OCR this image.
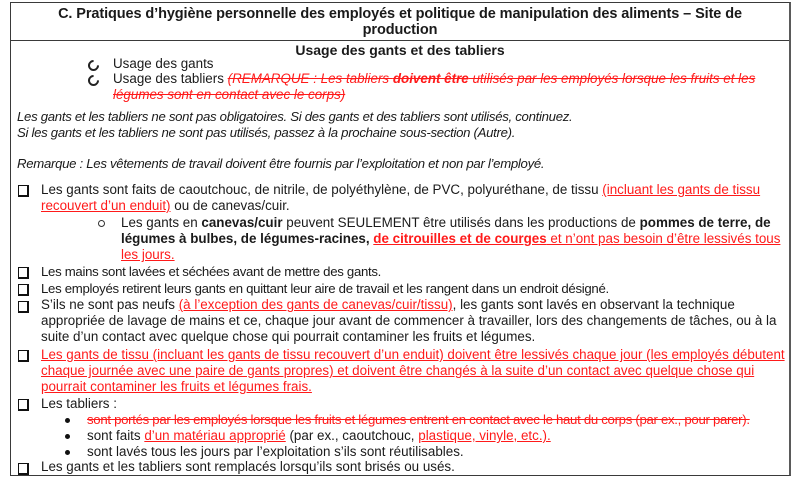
C. Pratiques d’hygiène personnelle des employés et politique de manipulation des aliments – Site de
production
Usage des gants et des tabliers
Usage des gants
Usage des tabliers (REMARQUE : Les tabliers doivent être utilisés par les employés lorsque les fruits et les
légumes sont en contact avec le corps)
Les gants et les tabliers ne sont pas obligatoires. Si des gants et des tabliers sont utilisés, continuez.
Si les gants et les tabliers ne sont pas utilisés, passez à la prochaine sous-section (Autre).
Remarque : Les vêtements de travail doivent être fournis par l’exploitation et non par l’employé.
Les gants sont faits de caoutchouc, de nitrile, de polyéthylène, de PVC, polyuréthane, de tissu (incluant les gants de tissu
recouvert d’un enduit) ou de canevas/cuir.
Les gants en canevas/cuir peuvent SEULEMENT être utilisés dans les productions de pommes de terre, de
légumes à bulbes, de légumes-racines, de citrouilles et de courges et n’ont pas besoin d’être lessivés tous
les jours.
Les mains sont lavées et séchées avant de mettre des gants.
Les employés retirent leurs gants en quittant leur aire de travail et les rangent dans un endroit désigné.
S’ils ne sont pas neufs (à l’exception des gants de canevas/cuir/tissu), les gants sont lavés en observant la technique
appropriée de lavage de mains et ce, chaque jour avant de commencer à travailler, lors des changements de tâches, ou à la
suite d’un contact avec quelque chose qui pourrait contaminer les fruits et légumes.
Les gants de tissu (incluant les gants de tissu recouvert d’un enduit) doivent être lessivés chaque jour (les employés débutent
chaque journée avec une paire de gants propres) et doivent être changés à la suite d’un contact avec quelque chose qui
pourrait contaminer les fruits et légumes frais.
Les tabliers :
sont portés par les employés lorsque les fruits et légumes entrent en contact avec le haut du corps (par ex., pour parer).
sont faits d’un matériau approprié (par ex., caoutchouc, plastique, vinyle, etc.).
sont lavés tous les jours par l’exploitation s’ils sont réutilisables.
Les gants et les tabliers sont remplacés lorsqu’ils sont brisés ou usés.
